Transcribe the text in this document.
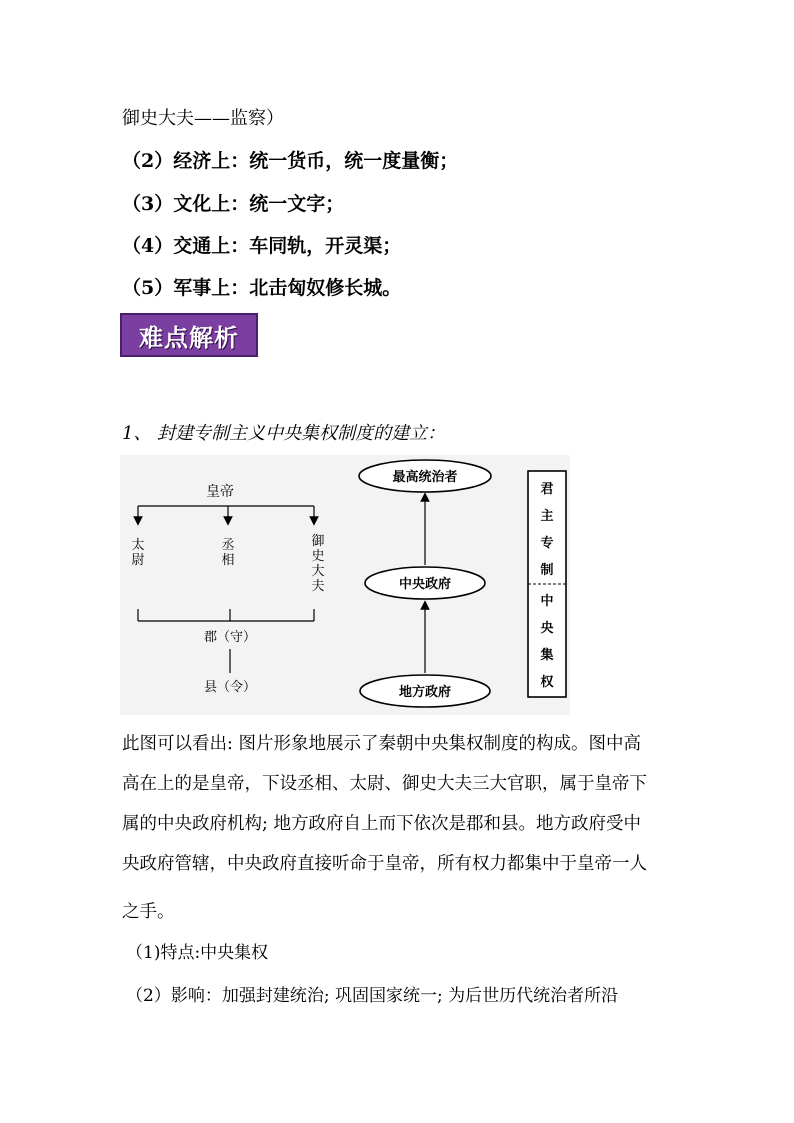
御史大夫——监察）
（2）经济上：统一货币，统一度量衡；
（3）文化上：统一文字；
（4）交通上：车同轨，开灵渠；
（5）军事上：北击匈奴修长城。
难点解析
1、 封建专制主义中央集权制度的建立：
皇帝
太尉
丞相
御史大夫
郡（守）
县（令）
最高统治者
中央政府
地方政府
君主专制
中央集权
此图可以看出: 图片形象地展示了秦朝中央集权制度的构成。图中高
高在上的是皇帝，下设丞相、太尉、御史大夫三大官职，属于皇帝下
属的中央政府机构; 地方政府自上而下依次是郡和县。地方政府受中
央政府管辖，中央政府直接听命于皇帝，所有权力都集中于皇帝一人
之手。
（1)特点:中央集权
（2）影响：加强封建统治; 巩固国家统一; 为后世历代统治者所沿
